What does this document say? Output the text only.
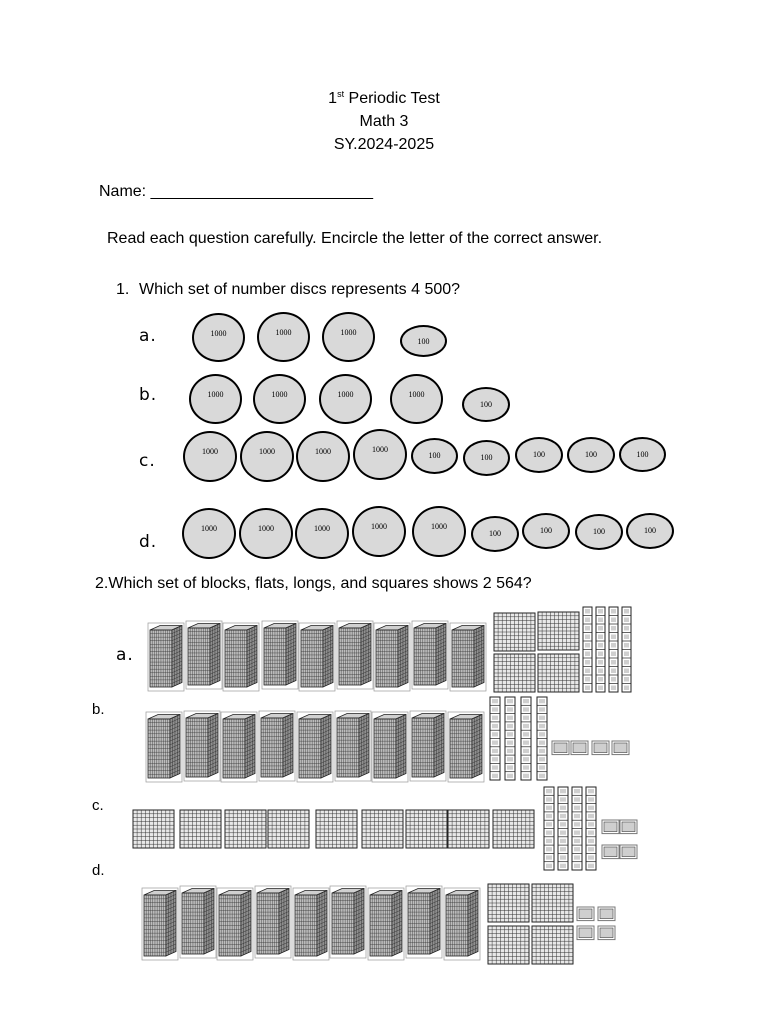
1st Periodic Test
Math 3
SY.2024-2025
Name: _________________________
Read each question carefully. Encircle the letter of the correct answer.
1. Which set of number discs represents 4 500?
a.
b.
c.
d.
1000	1000	1000
100
1000	1000	1000	1000
100
1000	1000	1000	1000
100	100	100	100	100
1000	1000	1000	1000	1000
100	100	100	100
2.Which set of blocks, flats, longs, and squares shows 2 564?
a.
b.
c.
d.
